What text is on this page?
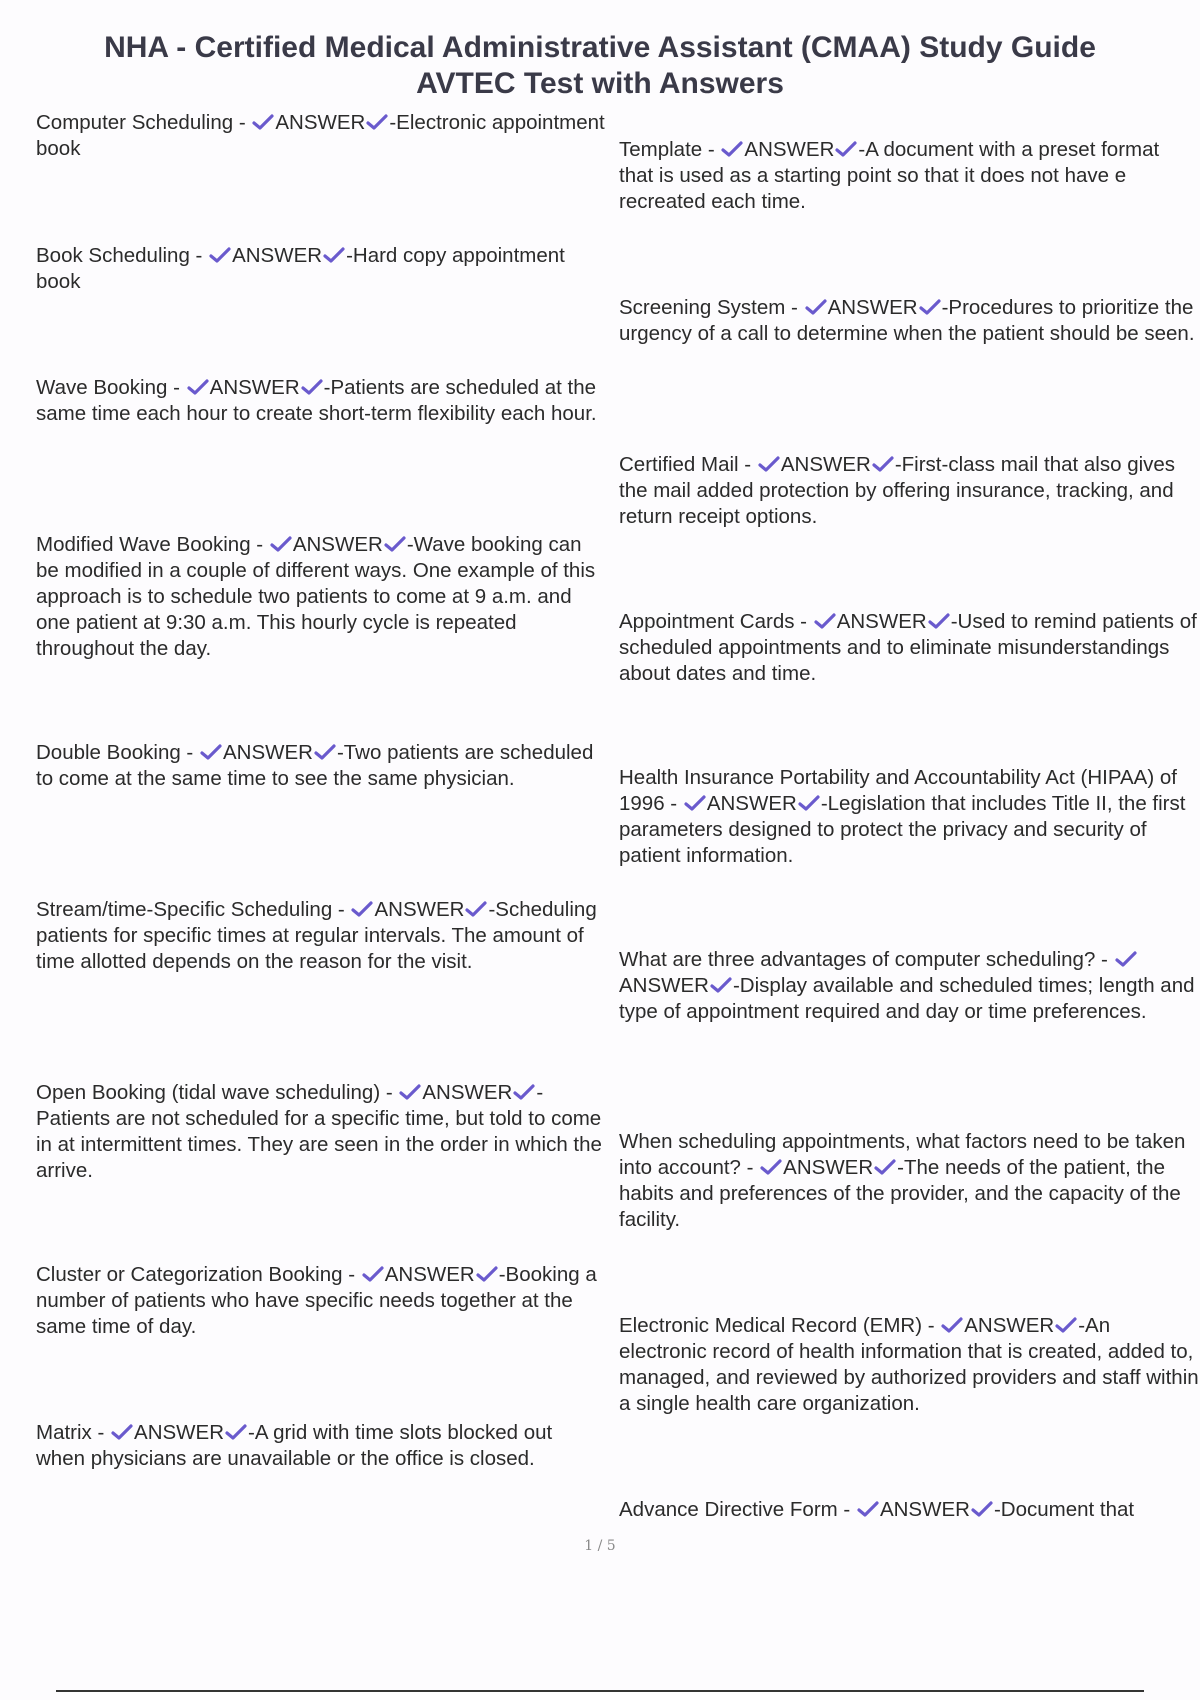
NHA - Certified Medical Administrative Assistant (CMAA) Study Guide
AVTEC Test with Answers
Computer Scheduling -
ANSWER -Electronic appointment book
Book Scheduling -
ANSWER -Hard copy appointment book
Wave Booking -
ANSWER -Patients are scheduled at the same time each hour to create short-term flexibility each hour.
Modified Wave Booking -
ANSWER -Wave booking can be modified in a couple of different ways. One example of this approach is to schedule two patients to come at 9 a.m. and one patient at 9:30 a.m. This hourly cycle is repeated throughout the day.
Double Booking -
ANSWER -Two patients are scheduled to come at the same time to see the same physician.
Stream/time-Specific Scheduling -
ANSWER -Scheduling patients for specific times at regular intervals. The amount of time allotted depends on the reason for the visit.
Open Booking (tidal wave scheduling) -
ANSWER -Patients are not scheduled for a specific time, but told to come in at intermittent times. They are seen in the order in which the arrive.
Cluster or Categorization Booking -
ANSWER -Booking a number of patients who have specific needs together at the same time of day.
Matrix -
ANSWER -A grid with time slots blocked out when physicians are unavailable or the office is closed.
Template -
ANSWER -A document with a preset format that is used as a starting point so that it does not have e recreated each time.
Screening System -
ANSWER -Procedures to prioritize the urgency of a call to determine when the patient should be seen.
Certified Mail -
ANSWER -First-class mail that also gives the mail added protection by offering insurance, tracking, and return receipt options.
Appointment Cards -
ANSWER -Used to remind patients of scheduled appointments and to eliminate misunderstandings about dates and time.
Health Insurance Portability and Accountability Act (HIPAA) of 1996 -
ANSWER -Legislation that includes Title II, the first parameters designed to protect the privacy and security of patient information.
What are three advantages of computer scheduling? -
ANSWER -Display available and scheduled times; length and type of appointment required and day or time preferences.
When scheduling appointments, what factors need to be taken into account? -
ANSWER -The needs of the patient, the habits and preferences of the provider, and the capacity of the facility.
Electronic Medical Record (EMR) -
ANSWER -An electronic record of health information that is created, added to, managed, and reviewed by authorized providers and staff within a single health care organization.
Advance Directive Form -
ANSWER -Document that
1 / 5
